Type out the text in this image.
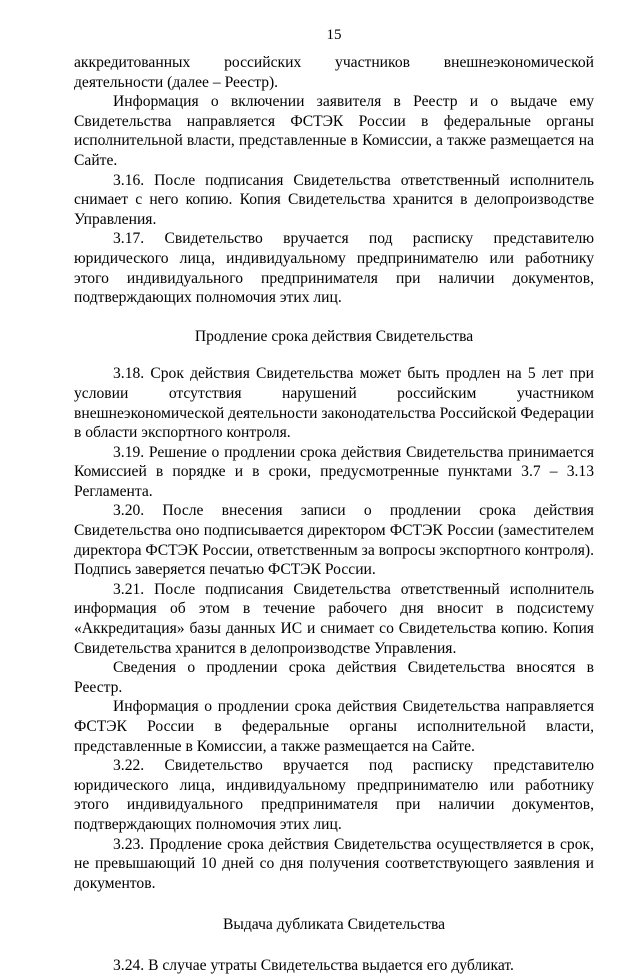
15

аккредитованных российских участников внешнеэкономической деятельности (далее – Реестр).

Информация о включении заявителя в Реестр и о выдаче ему Свидетельства направляется ФСТЭК России в федеральные органы исполнительной власти, представленные в Комиссии, а также размещается на Сайте.

3.16. После подписания Свидетельства ответственный исполнитель снимает с него копию. Копия Свидетельства хранится в делопроизводстве Управления.

3.17. Свидетельство вручается под расписку представителю юридического лица, индивидуальному предпринимателю или работнику этого индивидуального предпринимателя при наличии документов, подтверждающих полномочия этих лиц.

Продление срока действия Свидетельства

3.18. Срок действия Свидетельства может быть продлен на 5 лет при условии отсутствия нарушений российским участником внешнеэкономической деятельности законодательства Российской Федерации в области экспортного контроля.

3.19. Решение о продлении срока действия Свидетельства принимается Комиссией в порядке и в сроки, предусмотренные пунктами 3.7 – 3.13 Регламента.

3.20. После внесения записи о продлении срока действия Свидетельства оно подписывается директором ФСТЭК России (заместителем директора ФСТЭК России, ответственным за вопросы экспортного контроля). Подпись заверяется печатью ФСТЭК России.

3.21. После подписания Свидетельства ответственный исполнитель информация об этом в течение рабочего дня вносит в подсистему «Аккредитация» базы данных ИС и снимает со Свидетельства копию. Копия Свидетельства хранится в делопроизводстве Управления.

Сведения о продлении срока действия Свидетельства вносятся в Реестр.

Информация о продлении срока действия Свидетельства направляется ФСТЭК России в федеральные органы исполнительной власти, представленные в Комиссии, а также размещается на Сайте.

3.22. Свидетельство вручается под расписку представителю юридического лица, индивидуальному предпринимателю или работнику этого индивидуального предпринимателя при наличии документов, подтверждающих полномочия этих лиц.

3.23. Продление срока действия Свидетельства осуществляется в срок, не превышающий 10 дней со дня получения соответствующего заявления и документов.

Выдача дубликата Свидетельства

3.24. В случае утраты Свидетельства выдается его дубликат.
